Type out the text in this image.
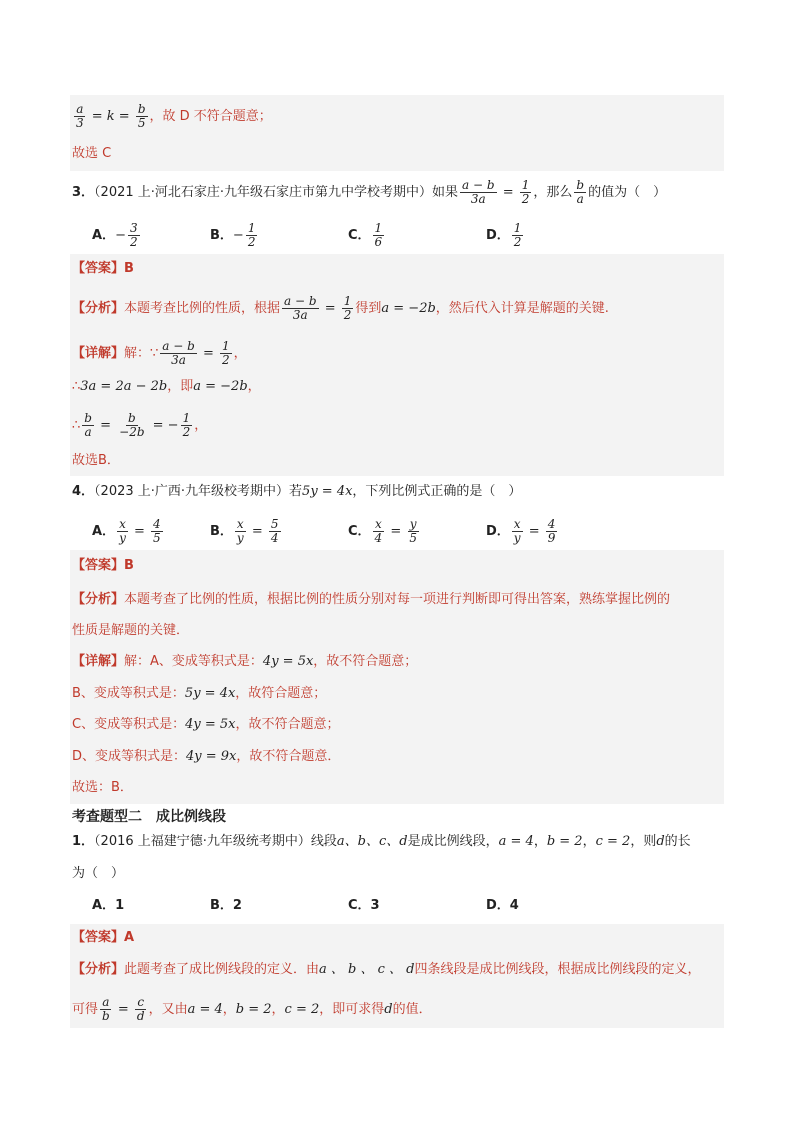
$\frac{a}{3} = k = \frac{b}{5}$ ，故 D 不符合题意；
故选 C
3．（2021 上·河北石家庄·九年级石家庄市第九中学校考期中）如果 $\frac{a - b}{3a} = \frac{1}{2}$ ，那么 $\frac{b}{a}$ 的值为（　）
A．− $\frac{3}{2}$	B．− $\frac{1}{2}$	C． $\frac{1}{6}$	D． $\frac{1}{2}$
【答案】B
【分析】本题考查比例的性质，根据 $\frac{a - b}{3a} = \frac{1}{2}$ 得到a = −2b，然后代入计算是解题的关键.
【详解】解：∵ $\frac{a - b}{3a} = \frac{1}{2}$ ，
∴3a = 2a − 2b，即a = −2b，
∴ $\frac{b}{a} = \frac{b}{-2b}$ = − $\frac{1}{2}$ ，
故选B．
4．（2023 上·广西·九年级校考期中）若5y = 4x，下列比例式正确的是（　）
A． $\frac{x}{y} = \frac{4}{5}$	B． $\frac{x}{y} = \frac{5}{4}$	C． $\frac{x}{4} = \frac{y}{5}$	D． $\frac{x}{y} = \frac{4}{9}$
【答案】B
【分析】本题考查了比例的性质，根据比例的性质分别对每一项进行判断即可得出答案，熟练掌握比例的
性质是解题的关键．
【详解】解：A、变成等积式是：4y = 5x，故不符合题意；
B、变成等积式是：5y = 4x，故符合题意；
C、变成等积式是：4y = 5x，故不符合题意；
D、变成等积式是：4y = 9x，故不符合题意．
故选：B．
考查题型二　成比例线段
1．（2016 上福建宁德·九年级统考期中）线段a、b、c、d是成比例线段，a = 4，b = 2，c = 2，则d的长
为（　）
A．1	B．2	C．3	D．4
【答案】A
【分析】此题考查了成比例线段的定义．由a 、 b 、 c 、 d四条线段是成比例线段，根据成比例线段的定义，
可得 $\frac{a}{b} = \frac{c}{d}$ ，又由a = 4，b = 2，c = 2，即可求得d的值．
